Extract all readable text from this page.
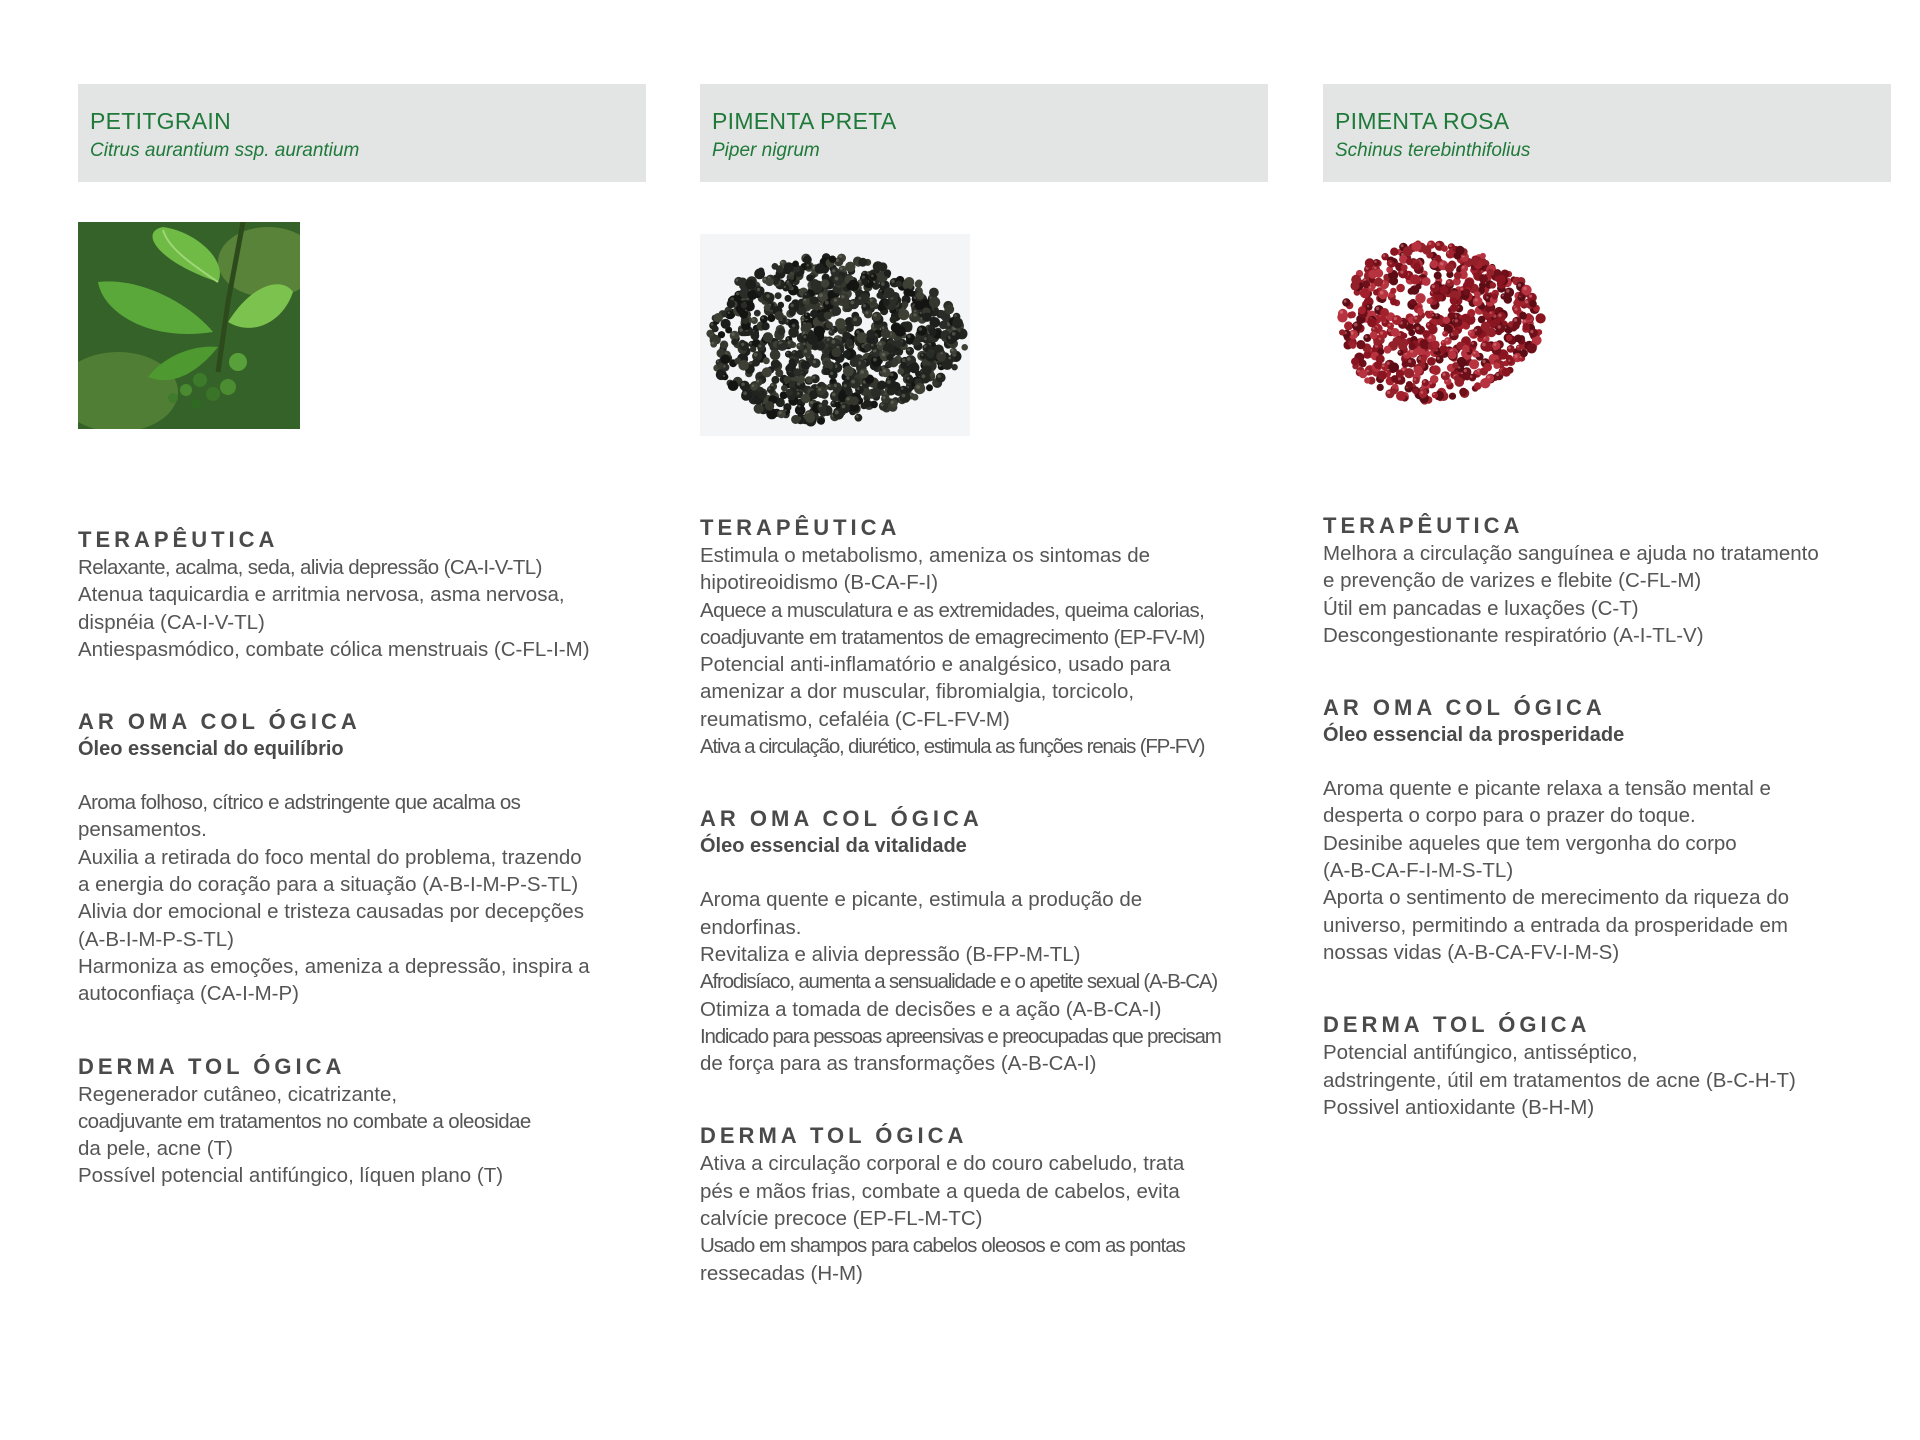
PETITGRAIN
Citrus aurantium ssp. aurantium
TERAPÊUTICA
Relaxante, acalma, seda, alivia depressão (CA-I-V-TL)
Atenua taquicardia e arritmia nervosa, asma nervosa,
dispnéia (CA-I-V-TL)
Antiespasmódico, combate cólica menstruais (C-FL-I-M)
AR OMA COL ÓGICA
Óleo essencial do equilíbrio
Aroma folhoso, cítrico e adstringente que acalma os
pensamentos.
Auxilia a retirada do foco mental do problema, trazendo
a energia do coração para a situação (A-B-I-M-P-S-TL)
Alivia dor emocional e tristeza causadas por decepções
(A-B-I-M-P-S-TL)
Harmoniza as emoções, ameniza a depressão, inspira a
autoconfiaça (CA-I-M-P)
DERMA TOL ÓGICA
Regenerador cutâneo, cicatrizante,
coadjuvante em tratamentos no combate a oleosidae
da pele, acne (T)
Possível potencial antifúngico, líquen plano (T)
PIMENTA PRETA
Piper nigrum
TERAPÊUTICA
Estimula o metabolismo, ameniza os sintomas de
hipotireoidismo (B-CA-F-I)
Aquece a musculatura e as extremidades, queima calorias,
coadjuvante em tratamentos de emagrecimento (EP-FV-M)
Potencial anti-inflamatório e analgésico, usado para
amenizar a dor muscular, fibromialgia, torcicolo,
reumatismo, cefaléia (C-FL-FV-M)
Ativa a circulação, diurético, estimula as funções renais (FP-FV)
AR OMA COL ÓGICA
Óleo essencial da vitalidade
Aroma quente e picante, estimula a produção de
endorfinas.
Revitaliza e alivia depressão (B-FP-M-TL)
Afrodisíaco, aumenta a sensualidade e o apetite sexual (A-B-CA)
Otimiza a tomada de decisões e a ação (A-B-CA-I)
Indicado para pessoas apreensivas e preocupadas que precisam
de força para as transformações (A-B-CA-I)
DERMA TOL ÓGICA
Ativa a circulação corporal e do couro cabeludo, trata
pés e mãos frias, combate a queda de cabelos, evita
calvície precoce (EP-FL-M-TC)
Usado em shampos para cabelos oleosos e com as pontas
ressecadas (H-M)
PIMENTA ROSA
Schinus terebinthifolius
TERAPÊUTICA
Melhora a circulação sanguínea e ajuda no tratamento
e prevenção de varizes e flebite (C-FL-M)
Útil em pancadas e luxações (C-T)
Descongestionante respiratório (A-I-TL-V)
AR OMA COL ÓGICA
Óleo essencial da prosperidade
Aroma quente e picante relaxa a tensão mental e
desperta o corpo para o prazer do toque.
Desinibe aqueles que tem vergonha do corpo
(A-B-CA-F-I-M-S-TL)
Aporta o sentimento de merecimento da riqueza do
universo, permitindo a entrada da prosperidade em
nossas vidas (A-B-CA-FV-I-M-S)
DERMA TOL ÓGICA
Potencial antifúngico, antisséptico,
adstringente, útil em tratamentos de acne (B-C-H-T)
Possivel antioxidante (B-H-M)
